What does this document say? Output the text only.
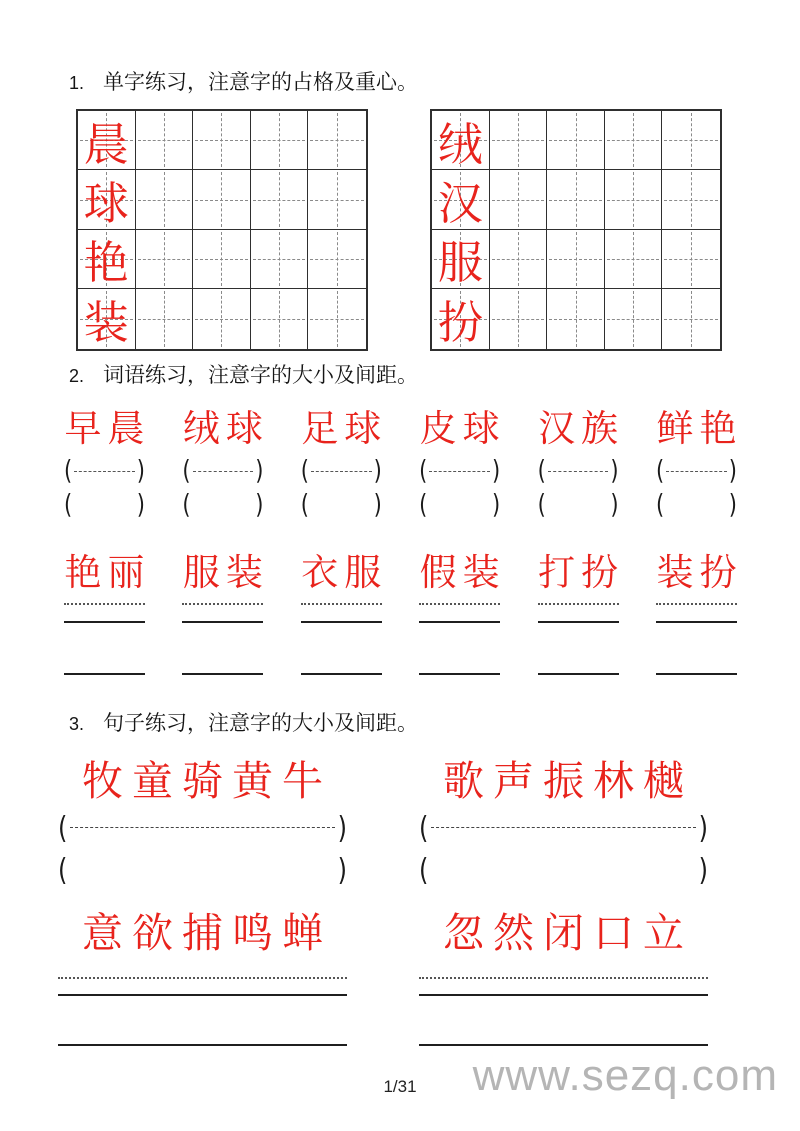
1. 单字练习，注意字的占格及重心。
晨
球
艳
装
绒
汉
服
扮
2. 词语练习，注意字的大小及间距。
早晨
(	)
(	)
绒球
(	)
(	)
足球
(	)
(	)
皮球
(	)
(	)
汉族
(	)
(	)
鲜艳
(	)
(	)
艳丽 服装 衣服 假装 打扮 装扮
3. 句子练习，注意字的大小及间距。
牧童骑黄牛
(	)
(	)
歌声振林樾
(	)
(	)
意欲捕鸣蝉	忽然闭口立
1/31	www.sezq.com
